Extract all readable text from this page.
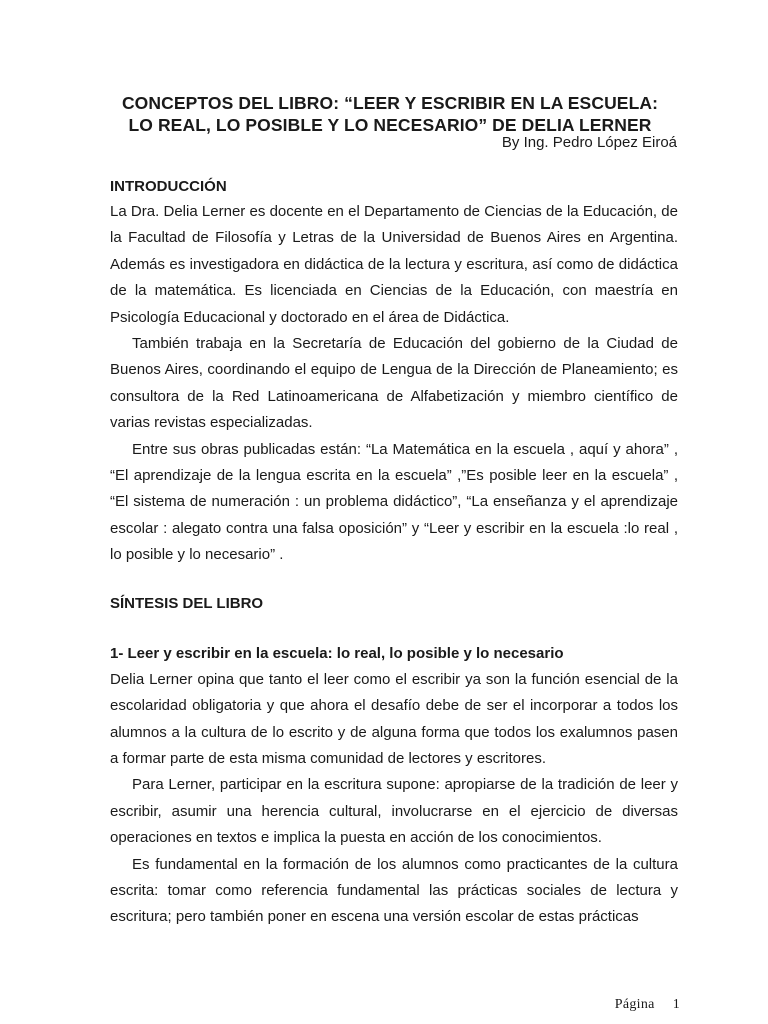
CONCEPTOS DEL LIBRO: “LEER Y ESCRIBIR EN LA ESCUELA:
LO REAL, LO POSIBLE Y LO NECESARIO” DE DELIA LERNER
By Ing. Pedro López Eiroá

INTRODUCCIÓN

La Dra. Delia Lerner es docente en el Departamento de Ciencias de la Educación, de la Facultad de Filosofía y Letras de la Universidad de Buenos Aires en Argentina. Además es investigadora en didáctica de la lectura y escritura, así como de didáctica de la matemática. Es licenciada en Ciencias de la Educación, con maestría en Psicología Educacional y doctorado en el área de Didáctica.

También trabaja en la Secretaría de Educación del gobierno de la Ciudad de Buenos Aires, coordinando el equipo de Lengua de la Dirección de Planeamiento; es consultora de la Red Latinoamericana de Alfabetización y miembro científico de varias revistas especializadas.

Entre sus obras publicadas están: “La Matemática en la escuela , aquí y ahora” , “El aprendizaje de la lengua escrita en la escuela” ,”Es posible leer en la escuela” , “El sistema de numeración : un problema didáctico”, “La enseñanza y el aprendizaje escolar : alegato contra una falsa oposición” y “Leer y escribir en la escuela :lo real , lo posible y lo necesario” .

SÍNTESIS DEL LIBRO

1- Leer y escribir en la escuela: lo real, lo posible y lo necesario

Delia Lerner opina que tanto el leer como el escribir ya son la función esencial de la escolaridad obligatoria y que ahora el desafío debe de ser el incorporar a todos los alumnos a la cultura de lo escrito y de alguna forma que todos los exalumnos pasen a formar parte de esta misma comunidad de lectores y escritores.

Para Lerner, participar en la escritura supone: apropiarse de la tradición de leer y escribir, asumir una herencia cultural, involucrarse en el ejercicio de diversas operaciones en textos e implica la puesta en acción de los conocimientos.

Es fundamental en la formación de los alumnos como practicantes de la cultura escrita: tomar como referencia fundamental las prácticas sociales de lectura y escritura; pero también poner en escena una versión escolar de estas prácticas

Página 1
